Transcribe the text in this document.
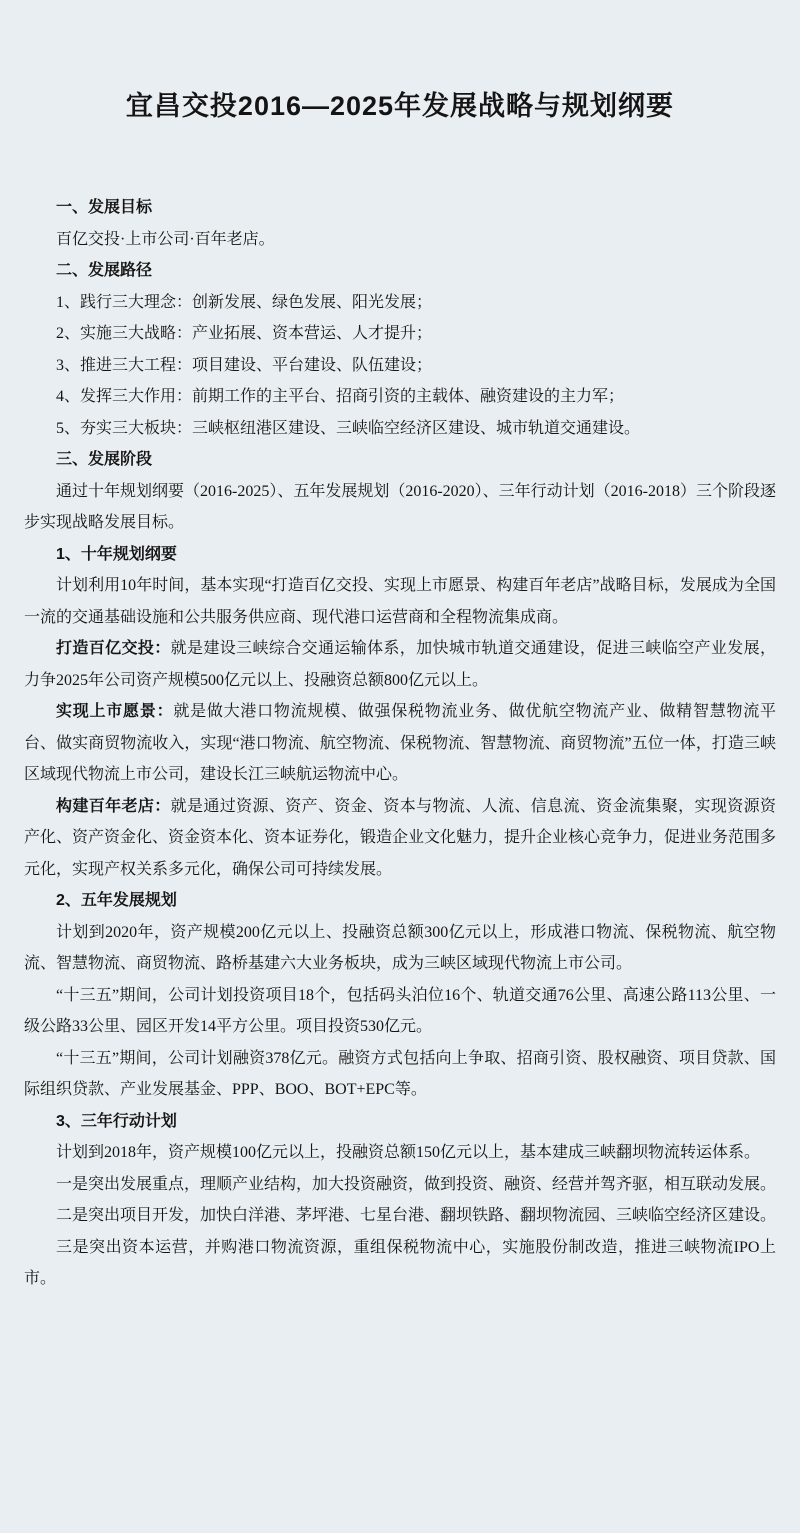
宜昌交投2016—2025年发展战略与规划纲要
一、发展目标

百亿交投·上市公司·百年老店。

二、发展路径

1、践行三大理念：创新发展、绿色发展、阳光发展；

2、实施三大战略：产业拓展、资本营运、人才提升；

3、推进三大工程：项目建设、平台建设、队伍建设；

4、发挥三大作用：前期工作的主平台、招商引资的主载体、融资建设的主力军；

5、夯实三大板块：三峡枢纽港区建设、三峡临空经济区建设、城市轨道交通建设。

三、发展阶段

通过十年规划纲要（2016-2025）、五年发展规划（2016-2020）、三年行动计划（2016-2018）三个阶段逐步实现战略发展目标。

1、十年规划纲要

计划利用10年时间，基本实现“打造百亿交投、实现上市愿景、构建百年老店”战略目标，发展成为全国一流的交通基础设施和公共服务供应商、现代港口运营商和全程物流集成商。

打造百亿交投：就是建设三峡综合交通运输体系，加快城市轨道交通建设，促进三峡临空产业发展，力争2025年公司资产规模500亿元以上、投融资总额800亿元以上。

实现上市愿景：就是做大港口物流规模、做强保税物流业务、做优航空物流产业、做精智慧物流平台、做实商贸物流收入，实现“港口物流、航空物流、保税物流、智慧物流、商贸物流”五位一体，打造三峡区域现代物流上市公司，建设长江三峡航运物流中心。

构建百年老店：就是通过资源、资产、资金、资本与物流、人流、信息流、资金流集聚，实现资源资产化、资产资金化、资金资本化、资本证券化，锻造企业文化魅力，提升企业核心竞争力，促进业务范围多元化，实现产权关系多元化，确保公司可持续发展。

2、五年发展规划

计划到2020年，资产规模200亿元以上、投融资总额300亿元以上，形成港口物流、保税物流、航空物流、智慧物流、商贸物流、路桥基建六大业务板块，成为三峡区域现代物流上市公司。

“十三五”期间，公司计划投资项目18个，包括码头泊位16个、轨道交通76公里、高速公路113公里、一级公路33公里、园区开发14平方公里。项目投资530亿元。

“十三五”期间，公司计划融资378亿元。融资方式包括向上争取、招商引资、股权融资、项目贷款、国际组织贷款、产业发展基金、PPP、BOO、BOT+EPC等。

3、三年行动计划

计划到2018年，资产规模100亿元以上，投融资总额150亿元以上，基本建成三峡翻坝物流转运体系。

一是突出发展重点，理顺产业结构，加大投资融资，做到投资、融资、经营并驾齐驱，相互联动发展。

二是突出项目开发，加快白洋港、茅坪港、七星台港、翻坝铁路、翻坝物流园、三峡临空经济区建设。

三是突出资本运营，并购港口物流资源，重组保税物流中心，实施股份制改造，推进三峡物流IPO上市。
